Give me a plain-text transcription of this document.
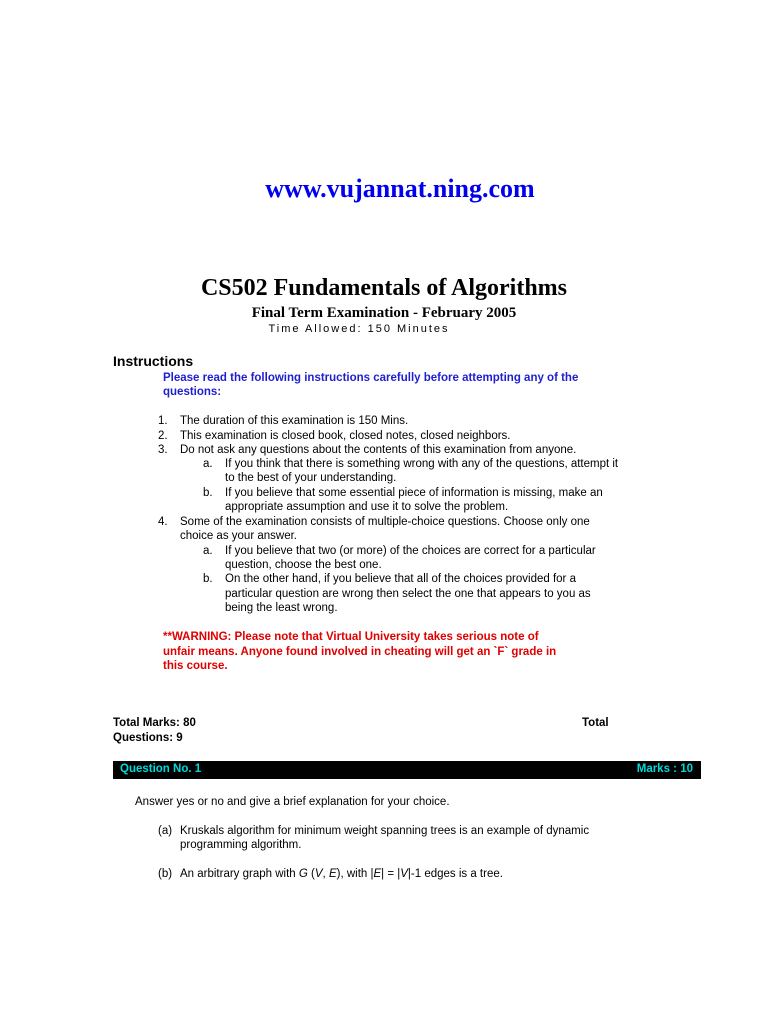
www.vujannat.ning.com
CS502 Fundamentals of Algorithms
Final Term Examination - February 2005
Time Allowed: 150 Minutes
Instructions
Please read the following instructions carefully before attempting any of the
questions:
1. The duration of this examination is 150 Mins.
2. This examination is closed book, closed notes, closed neighbors.
3. Do not ask any questions about the contents of this examination from anyone.
a. If you think that there is something wrong with any of the questions, attempt it
to the best of your understanding.
b. If you believe that some essential piece of information is missing, make an
appropriate assumption and use it to solve the problem.
4. Some of the examination consists of multiple-choice questions. Choose only one
choice as your answer.
a. If you believe that two (or more) of the choices are correct for a particular
question, choose the best one.
b. On the other hand, if you believe that all of the choices provided for a
particular question are wrong then select the one that appears to you as
being the least wrong.
**WARNING: Please note that Virtual University takes serious note of
unfair means. Anyone found involved in cheating will get an `F` grade in
this course.
Total Marks: 80	Total
Questions: 9
Question No. 1	Marks : 10
Answer yes or no and give a brief explanation for your choice.
(a) Kruskals algorithm for minimum weight spanning trees is an example of dynamic
programming algorithm.
(b) An arbitrary graph with G (V, E), with |E| = |V|-1 edges is a tree.
